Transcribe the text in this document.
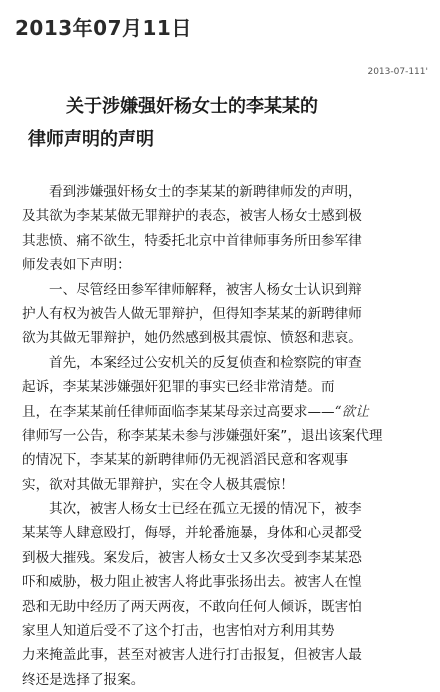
2013年07月11日
2013-07-111'
关于涉嫌强奸杨女士的李某某的
律师声明的声明
看到涉嫌强奸杨女士的李某某的新聘律师发的声明，
及其欲为李某某做无罪辩护的表态，被害人杨女士感到极
其悲愤、痛不欲生，特委托北京中首律师事务所田参军律
师发表如下声明：
一、尽管经田参军律师解释，被害人杨女士认识到辩
护人有权为被告人做无罪辩护，但得知李某某的新聘律师
欲为其做无罪辩护，她仍然感到极其震惊、愤怒和悲哀。
首先，本案经过公安机关的反复侦查和检察院的审查
起诉，李某某涉嫌强奸犯罪的事实已经非常清楚。而
且，在李某某前任律师面临李某某母亲过高要求——“欲让
律师写一公告，称李某某未参与涉嫌强奸案”，退出该案代理
的情况下，李某某的新聘律师仍无视滔滔民意和客观事
实，欲对其做无罪辩护，实在令人极其震惊！
其次，被害人杨女士已经在孤立无援的情况下，被李
某某等人肆意殴打，侮辱，并轮番施暴，身体和心灵都受
到极大摧残。案发后，被害人杨女士又多次受到李某某恐
吓和威胁，极力阻止被害人将此事张扬出去。被害人在惶
恐和无助中经历了两天两夜，不敢向任何人倾诉，既害怕
家里人知道后受不了这个打击，也害怕对方利用其势
力来掩盖此事，甚至对被害人进行打击报复，但被害人最
终还是选择了报案。
